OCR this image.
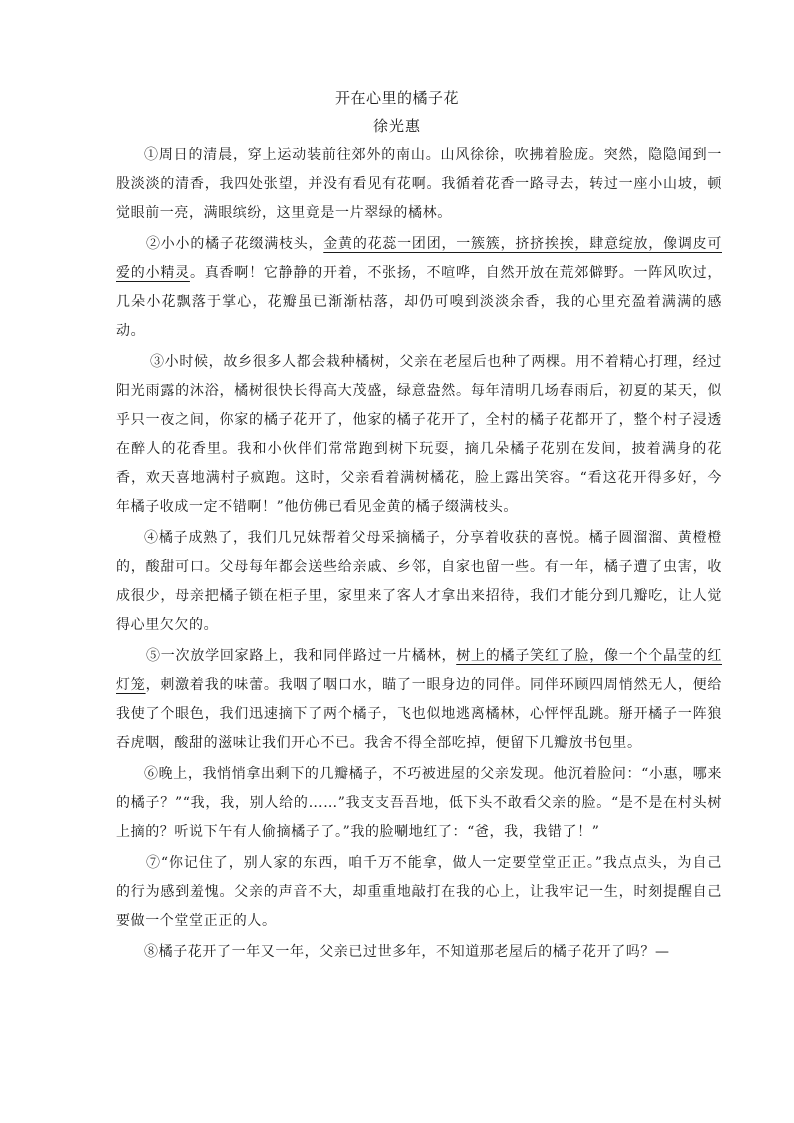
开在心里的橘子花
徐光惠

①周日的清晨，穿上运动装前往郊外的南山。山风徐徐，吹拂着脸庞。突然，隐隐闻到一股淡淡的清香，我四处张望，并没有看见有花啊。我循着花香一路寻去，转过一座小山坡，顿觉眼前一亮，满眼缤纷，这里竟是一片翠绿的橘林。

②小小的橘子花缀满枝头，金黄的花蕊一团团，一簇簇，挤挤挨挨，肆意绽放，像调皮可爱的小精灵。真香啊！它静静的开着，不张扬，不喧哗，自然开放在荒郊僻野。一阵风吹过，几朵小花飘落于掌心，花瓣虽已渐渐枯落，却仍可嗅到淡淡余香，我的心里充盈着满满的感动。

③小时候，故乡很多人都会栽种橘树，父亲在老屋后也种了两棵。用不着精心打理，经过阳光雨露的沐浴，橘树很快长得高大茂盛，绿意盎然。每年清明几场春雨后，初夏的某天，似乎只一夜之间，你家的橘子花开了，他家的橘子花开了，全村的橘子花都开了，整个村子浸透在醉人的花香里。我和小伙伴们常常跑到树下玩耍，摘几朵橘子花别在发间，披着满身的花香，欢天喜地满村子疯跑。这时，父亲看着满树橘花，脸上露出笑容。“看这花开得多好，今年橘子收成一定不错啊！”他仿佛已看见金黄的橘子缀满枝头。

④橘子成熟了，我们几兄妹帮着父母采摘橘子，分享着收获的喜悦。橘子圆溜溜、黄橙橙的，酸甜可口。父母每年都会送些给亲戚、乡邻，自家也留一些。有一年，橘子遭了虫害，收成很少，母亲把橘子锁在柜子里，家里来了客人才拿出来招待，我们才能分到几瓣吃，让人觉得心里欠欠的。

⑤一次放学回家路上，我和同伴路过一片橘林，树上的橘子笑红了脸，像一个个晶莹的红灯笼，刺激着我的味蕾。我咽了咽口水，瞄了一眼身边的同伴。同伴环顾四周悄然无人，便给我使了个眼色，我们迅速摘下了两个橘子，飞也似地逃离橘林，心怦怦乱跳。掰开橘子一阵狼吞虎咽，酸甜的滋味让我们开心不已。我舍不得全部吃掉，便留下几瓣放书包里。

⑥晚上，我悄悄拿出剩下的几瓣橘子，不巧被进屋的父亲发现。他沉着脸问：“小惠，哪来的橘子？”“我，我，别人给的……”我支支吾吾地，低下头不敢看父亲的脸。“是不是在村头树上摘的？听说下午有人偷摘橘子了。”我的脸唰地红了：“爸，我，我错了！”

⑦“你记住了，别人家的东西，咱千万不能拿，做人一定要堂堂正正。”我点点头，为自己的行为感到羞愧。父亲的声音不大，却重重地敲打在我的心上，让我牢记一生，时刻提醒自己要做一个堂堂正正的人。

⑧橘子花开了一年又一年，父亲已过世多年，不知道那老屋后的橘子花开了吗？—
